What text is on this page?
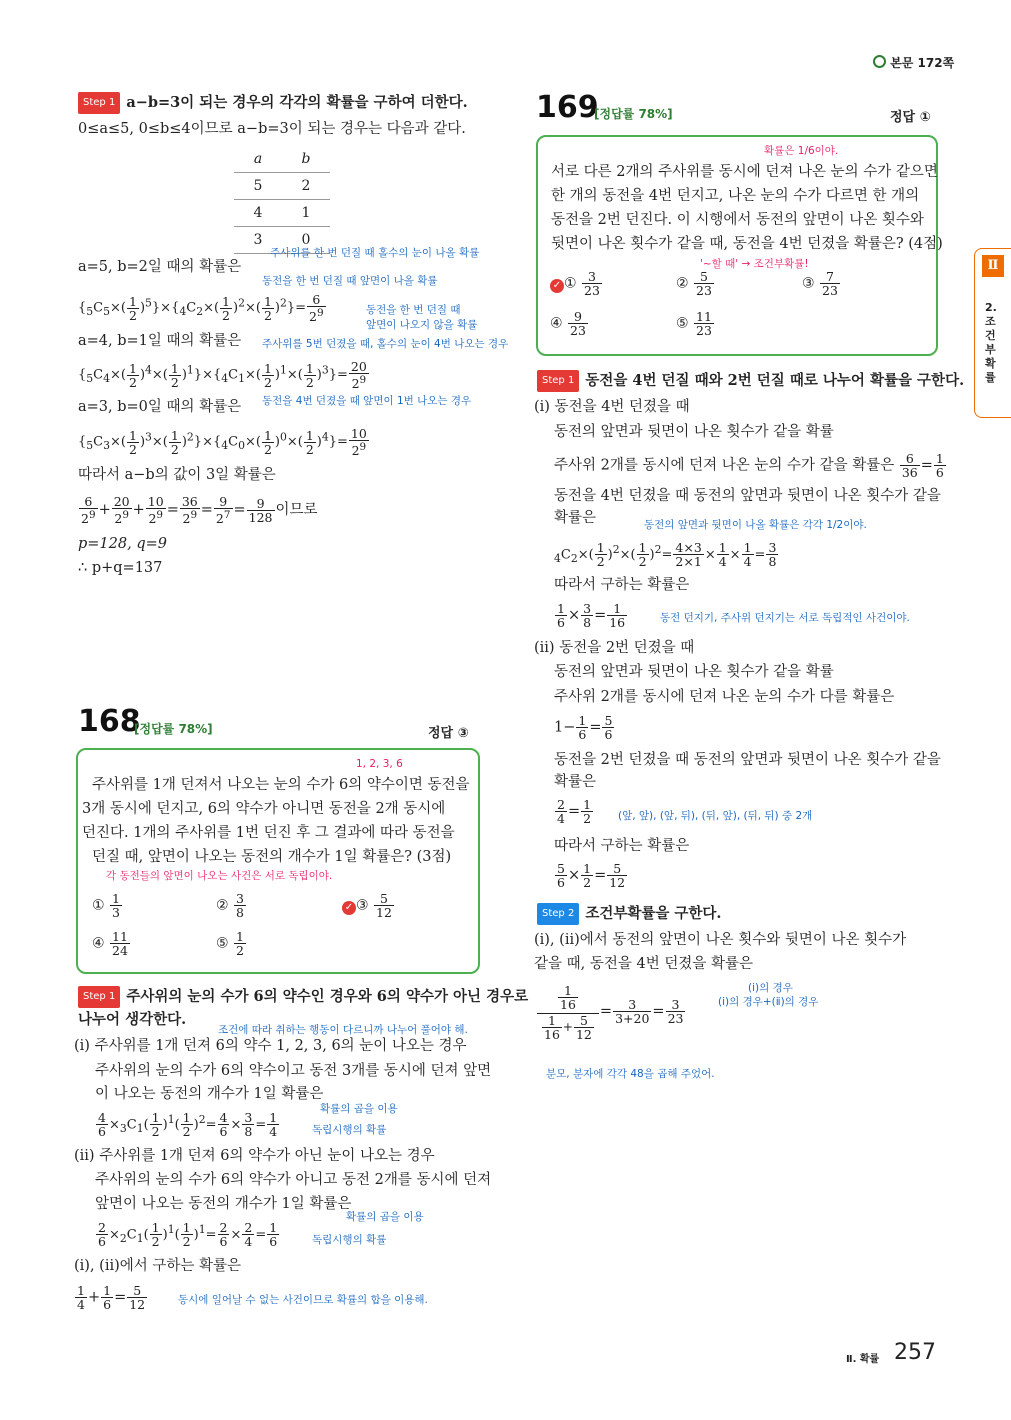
본문 172쪽
Ⅱ
2.조건부확률
Step 1 a−b=3이 되는 경우의 각각의 확률을 구하여 더한다.
0≤a≤5, 0≤b≤4이므로 a−b=3이 되는 경우는 다음과 같다.
a	b
5	2
4	1
3	0
a=5, b=2일 때의 확률은
주사위를 한 번 던질 때 홀수의 눈이 나올 확률
동전을 한 번 던질 때 앞면이 나올 확률
$\{_5C_5\times( \frac{1}{2} )^5\}\times\{_4C_2\times( \frac{1}{2} )^2\times( \frac{1}{2} )^2\}= \frac{6}{2^9}$	동전을 한 번 던질 때
앞면이 나오지 않을 확률
a=4, b=1일 때의 확률은 주사위를 5번 던졌을 때, 홀수의 눈이 4번 나오는 경우
$\{_5C_4\times( \frac{1}{2} )^4\times( \frac{1}{2} )^1\}\times\{_4C_1\times( \frac{1}{2} )^1\times( \frac{1}{2} )^3\}= \frac{20}{2^9}$
a=3, b=0일 때의 확률은 동전을 4번 던졌을 때 앞면이 1번 나오는 경우
$\{_5C_3\times( \frac{1}{2} )^3\times( \frac{1}{2} )^2\}\times\{_4C_0\times( \frac{1}{2} )^0\times( \frac{1}{2} )^4\}= \frac{10}{2^9}$
따라서 a−b의 값이 3일 확률은
$\frac{6}{2^9} + \frac{20}{2^9} + \frac{10}{2^9} = \frac{36}{2^9} = \frac{9}{2^7} = \frac{9}{128}$ 이므로
p=128, q=9
∴ p+q=137
168
[정답률 78%]	정답 ③
1, 2, 3, 6
주사위를 1개 던져서 나오는 눈의 수가 6의 약수이면 동전을
3개 동시에 던지고, 6의 약수가 아니면 동전을 2개 동시에
던진다. 1개의 주사위를 1번 던진 후 그 결과에 따라 동전을
던질 때, 앞면이 나오는 동전의 개수가 1일 확률은? (3점)
각 동전들의 앞면이 나오는 사건은 서로 독립이야.
① $\frac{1}{3}$	② $\frac{3}{8}$	✓ ③ $\frac{5}{12}$
④ $\frac{11}{24}$	⑤ $\frac{1}{2}$
Step 1 주사위의 눈의 수가 6의 약수인 경우와 6의 약수가 아닌 경우로
나누어 생각한다.
조건에 따라 취하는 행동이 다르니까 나누어 풀어야 해.
(ⅰ) 주사위를 1개 던져 6의 약수 1, 2, 3, 6의 눈이 나오는 경우
주사위의 눈의 수가 6의 약수이고 동전 3개를 동시에 던져 앞면
이 나오는 동전의 개수가 1일 확률은
확률의 곱을 이용
$\frac{4}{6} \times_3C_1( \frac{1}{2} )^1( \frac{1}{2} )^2= \frac{4}{6} \times \frac{3}{8} = \frac{1}{4}$	독립시행의 확률
(ⅱ) 주사위를 1개 던져 6의 약수가 아닌 눈이 나오는 경우
주사위의 눈의 수가 6의 약수가 아니고 동전 2개를 동시에 던져
앞면이 나오는 동전의 개수가 1일 확률은
확률의 곱을 이용
$\frac{2}{6} \times_2C_1( \frac{1}{2} )^1( \frac{1}{2} )^1= \frac{2}{6} \times \frac{2}{4} = \frac{1}{6}$	독립시행의 확률
(ⅰ), (ⅱ)에서 구하는 확률은
$\frac{1}{4} + \frac{1}{6} = \frac{5}{12}$	동시에 일어날 수 없는 사건이므로 확률의 합을 이용해.
169
[정답률 78%]	정답 ①
확률은 1/6이야.
서로 다른 2개의 주사위를 동시에 던져 나온 눈의 수가 같으면
한 개의 동전을 4번 던지고, 나온 눈의 수가 다르면 한 개의
동전을 2번 던진다. 이 시행에서 동전의 앞면이 나온 횟수와
뒷면이 나온 횟수가 같을 때, 동전을 4번 던졌을 확률은? (4점)
'~할 때' → 조건부확률!
✓ ① $\frac{3}{23}$	② $\frac{5}{23}$	③ $\frac{7}{23}$
④ $\frac{9}{23}$	⑤ $\frac{11}{23}$
Step 1 동전을 4번 던질 때와 2번 던질 때로 나누어 확률을 구한다.
(ⅰ) 동전을 4번 던졌을 때
동전의 앞면과 뒷면이 나온 횟수가 같을 확률
주사위 2개를 동시에 던져 나온 눈의 수가 같을 확률은 $\frac{6}{36} = \frac{1}{6}$
동전을 4번 던졌을 때 동전의 앞면과 뒷면이 나온 횟수가 같을
확률은	동전의 앞면과 뒷면이 나올 확률은 각각 1/2이야.
$_4C_2\times( \frac{1}{2} )^2\times( \frac{1}{2} )^2= \frac{4\times 3}{2\times 1} \times \frac{1}{4} \times \frac{1}{4} = \frac{3}{8}$
따라서 구하는 확률은
$\frac{1}{6} \times \frac{3}{8} = \frac{1}{16}$	동전 던지기, 주사위 던지기는 서로 독립적인 사건이야.
(ⅱ) 동전을 2번 던졌을 때
동전의 앞면과 뒷면이 나온 횟수가 같을 확률
주사위 2개를 동시에 던져 나온 눈의 수가 다를 확률은
$1- \frac{1}{6} = \frac{5}{6}$
동전을 2번 던졌을 때 동전의 앞면과 뒷면이 나온 횟수가 같을
확률은
$\frac{2}{4} = \frac{1}{2}$ (앞, 앞), (앞, 뒤), (뒤, 앞), (뒤, 뒤) 중 2개
따라서 구하는 확률은
$\frac{5}{6} \times \frac{1}{2} = \frac{5}{12}$
Step 2 조건부확률을 구한다.
(ⅰ), (ⅱ)에서 동전의 앞면이 나온 횟수와 뒷면이 나온 횟수가
같을 때, 동전을 4번 던졌을 확률은
(ⅰ)의 경우
(ⅰ)의 경우+(ⅱ)의 경우
$\frac{\frac{1}{16}}{\frac{1}{16} + \frac{5}{12}} = \frac{3}{3+20} = \frac{3}{23}$
분모, 분자에 각각 48을 곱해 주었어.
Ⅱ. 확률 257
